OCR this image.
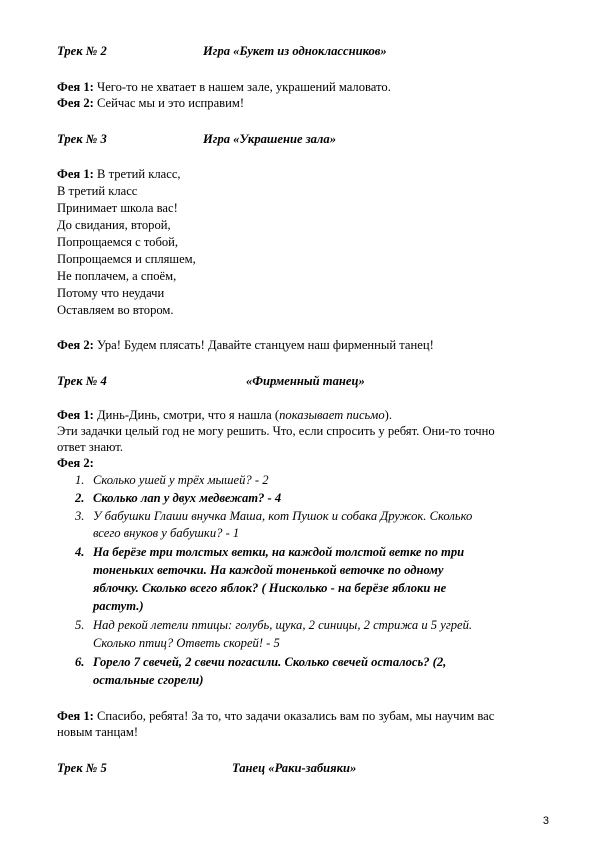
Трек № 2	Игра «Букет из одноклассников»
Фея 1: Чего-то не хватает в нашем зале, украшений маловато.
Фея 2: Сейчас мы и это исправим!
Трек № 3	Игра «Украшение зала»
Фея 1: В третий класс,
В третий класс
Принимает школа вас!
До свидания, второй,
Попрощаемся с тобой,
Попрощаемся и спляшем,
Не поплачем, а споём,
Потому что неудачи
Оставляем во втором.
Фея 2: Ура! Будем плясать! Давайте станцуем наш фирменный танец!
Трек № 4	«Фирменный танец»
Фея 1: Динь-Динь, смотри, что я нашла (показывает письмо).
Эти задачки целый год не могу решить. Что, если спросить у ребят. Они-то точно
ответ знают.
Фея 2:
1. Сколько ушей у трёх мышей? - 2
2. Сколько лап у двух медвежат? - 4
3. У бабушки Глаши внучка Маша, кот Пушок и собака Дружок. Сколько
всего внуков у бабушки? - 1
4. На берёзе три толстых ветки, на каждой толстой ветке по три
тоненьких веточки. На каждой тоненькой веточке по одному
яблочку. Сколько всего яблок? ( Нисколько - на берёзе яблоки не
растут.)
5. Над рекой летели птицы: голубь, щука, 2 синицы, 2 стрижа и 5 угрей.
Сколько птиц? Ответь скорей! - 5
6. Горело 7 свечей, 2 свечи погасили. Сколько свечей осталось? (2,
остальные сгорели)
Фея 1: Спасибо, ребята! За то, что задачи оказались вам по зубам, мы научим вас
новым танцам!
Трек № 5	Танец «Раки-забияки»
3
